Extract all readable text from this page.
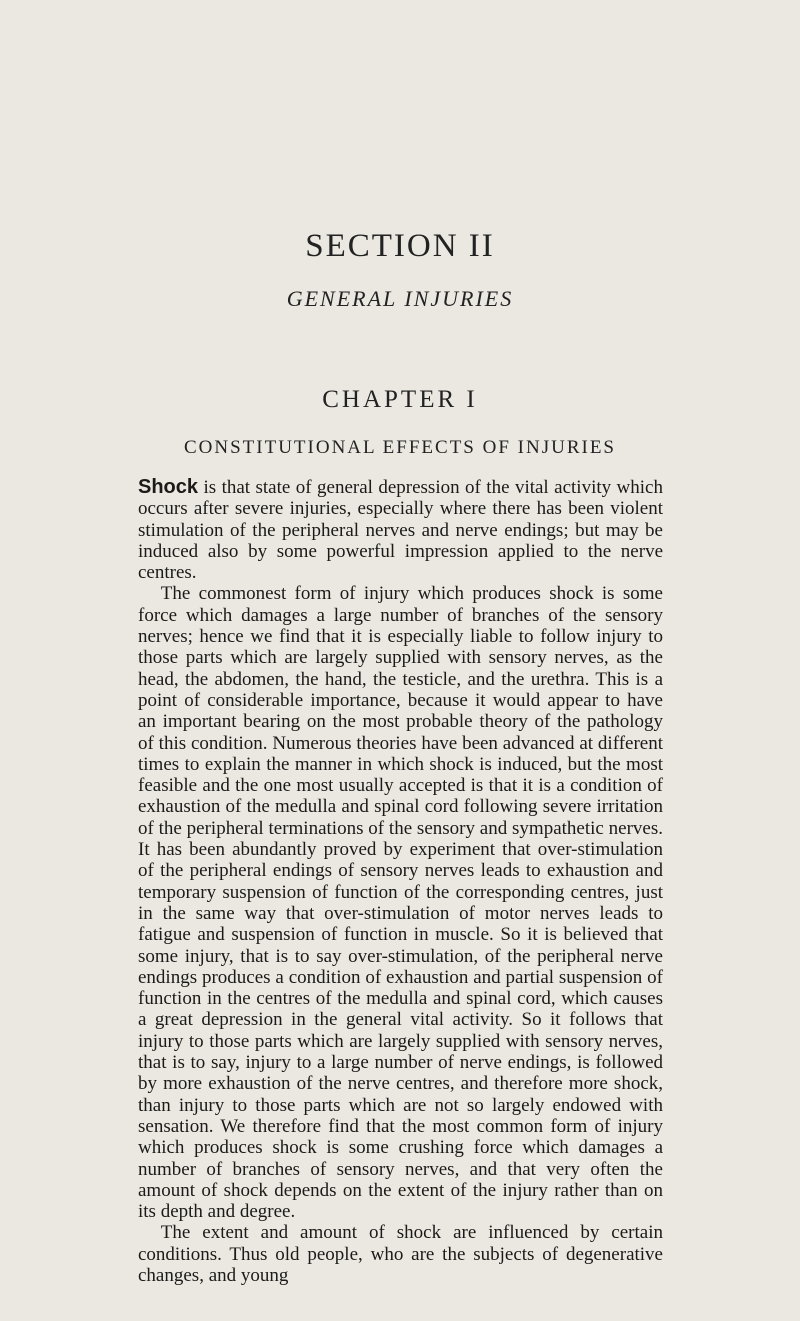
SECTION II
GENERAL INJURIES
CHAPTER I
CONSTITUTIONAL EFFECTS OF INJURIES

Shock is that state of general depression of the vital activity which occurs after severe injuries, especially where there has been violent stimulation of the peripheral nerves and nerve endings; but may be induced also by some powerful impression applied to the nerve centres.

The commonest form of injury which produces shock is some force which damages a large number of branches of the sensory nerves; hence we find that it is especially liable to follow injury to those parts which are largely supplied with sensory nerves, as the head, the abdomen, the hand, the testicle, and the urethra. This is a point of considerable importance, because it would appear to have an important bearing on the most probable theory of the pathology of this condition. Numerous theories have been advanced at different times to explain the manner in which shock is induced, but the most feasible and the one most usually accepted is that it is a condition of exhaustion of the medulla and spinal cord following severe irritation of the peripheral terminations of the sensory and sympathetic nerves. It has been abundantly proved by experiment that over-stimulation of the peripheral endings of sensory nerves leads to exhaustion and temporary suspension of function of the corresponding centres, just in the same way that over-stimulation of motor nerves leads to fatigue and suspension of function in muscle. So it is believed that some injury, that is to say over-stimulation, of the peripheral nerve endings produces a condition of exhaustion and partial suspension of function in the centres of the medulla and spinal cord, which causes a great depression in the general vital activity. So it follows that injury to those parts which are largely supplied with sensory nerves, that is to say, injury to a large number of nerve endings, is followed by more exhaustion of the nerve centres, and therefore more shock, than injury to those parts which are not so largely endowed with sensation. We therefore find that the most common form of injury which produces shock is some crushing force which damages a number of branches of sensory nerves, and that very often the amount of shock depends on the extent of the injury rather than on its depth and degree.

The extent and amount of shock are influenced by certain conditions. Thus old people, who are the subjects of degenerative changes, and young
